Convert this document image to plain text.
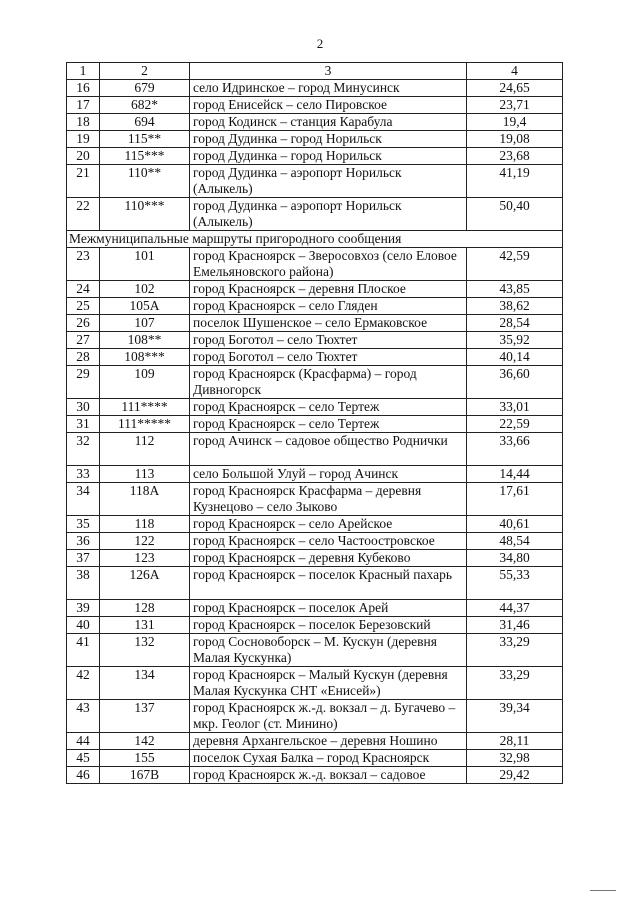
2
1	2	3	4
16	679	село Идринское – город Минусинск	24,65
17	682*	город Енисейск – село Пировское	23,71
18	694	город Кодинск – станция Карабула	19,4
19	115**	город Дудинка – город Норильск	19,08
20	115***	город Дудинка – город Норильск	23,68
21	110**	город Дудинка – аэропорт Норильск (Алыкель)	41,19
22	110***	город Дудинка – аэропорт Норильск (Алыкель)	50,40
Межмуниципальные маршруты пригородного сообщения			
23	101	город Красноярск – Зверосовхоз (село Еловое Емельяновского района)	42,59
24	102	город Красноярск – деревня Плоское	43,85
25	105А	город Красноярск – село Гляден	38,62
26	107	поселок Шушенское – село Ермаковское	28,54
27	108**	город Боготол – село Тюхтет	35,92
28	108***	город Боготол – село Тюхтет	40,14
29	109	город Красноярск (Красфарма) – город Дивногорск	36,60
30	111****	город Красноярск – село Тертеж	33,01
31	111*****	город Красноярск – село Тертеж	22,59
32	112	город Ачинск – садовое общество Роднички	33,66
33	113	село Большой Улуй – город Ачинск	14,44
34	118А	город Красноярск Красфарма – деревня Кузнецово – село Зыково	17,61
35	118	город Красноярск – село Арейское	40,61
36	122	город Красноярск – село Частоостровское	48,54
37	123	город Красноярск – деревня Кубеково	34,80
38	126А	город Красноярск – поселок Красный пахарь	55,33
39	128	город Красноярск – поселок Арей	44,37
40	131	город Красноярск – поселок Березовский	31,46
41	132	город Сосновоборск – М. Кускун (деревня Малая Кускунка)	33,29
42	134	город Красноярск – Малый Кускун (деревня Малая Кускунка СНТ «Енисей»)	33,29
43	137	город Красноярск ж.-д. вокзал – д. Бугачево – мкр. Геолог (ст. Минино)	39,34
44	142	деревня Архангельское – деревня Ношино	28,11
45	155	поселок Сухая Балка – город Красноярск	32,98
46	167В	город Красноярск ж.-д. вокзал – садовое	29,42
